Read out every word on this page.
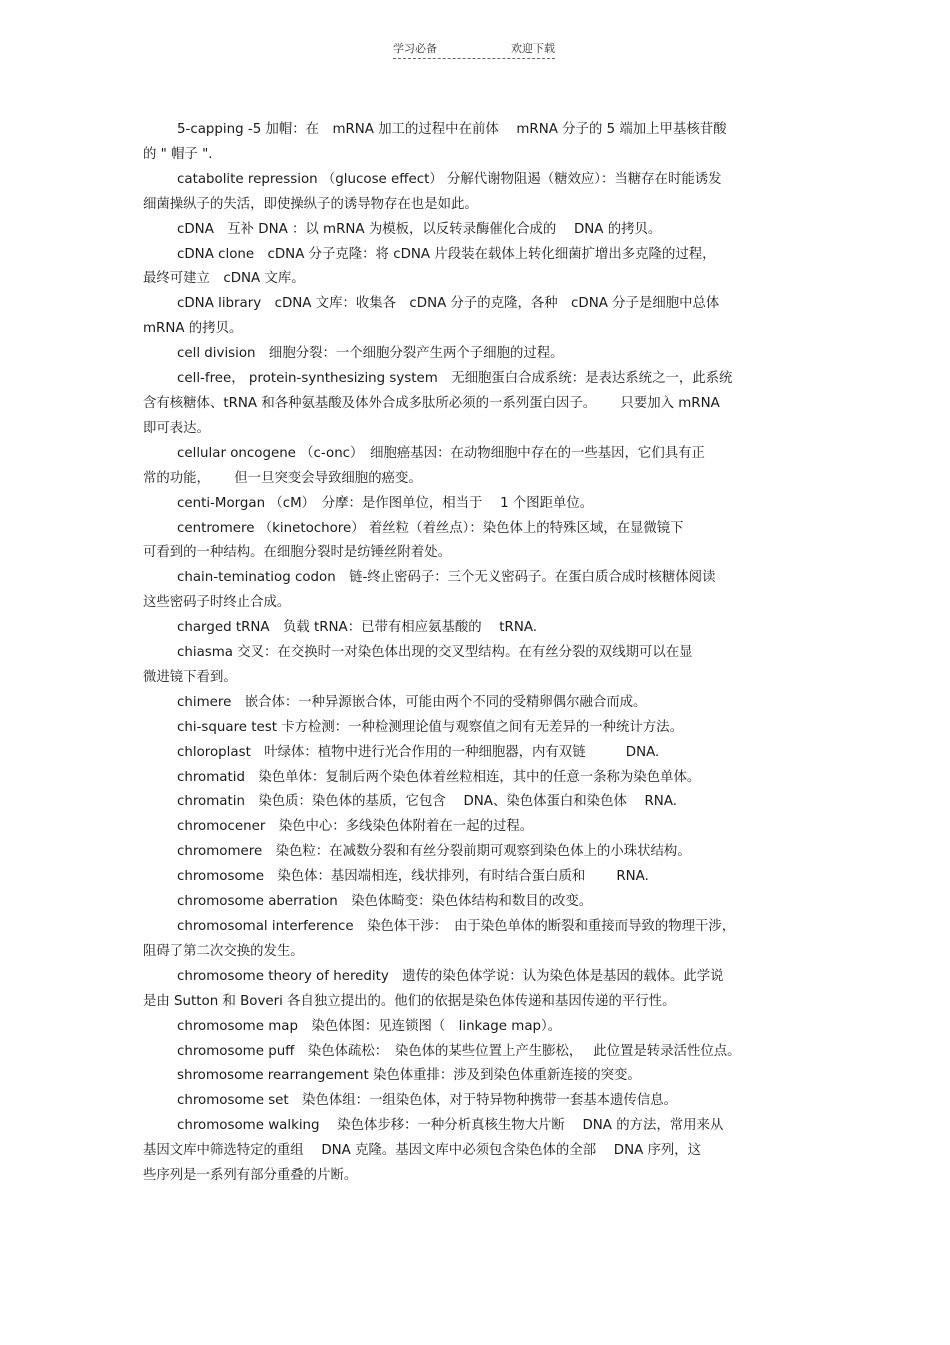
学习必备	欢迎下载
5-capping -5 加帽：在　mRNA 加工的过程中在前体　 mRNA 分子的 5 端加上甲基核苷酸
的 " 帽子 ".
catabolite repression （glucose effect） 分解代谢物阻遏（糖效应）：当糖存在时能诱发
细菌操纵子的失活，即使操纵子的诱导物存在也是如此。
cDNA　互补 DNA ：以 mRNA 为模板，以反转录酶催化合成的　 DNA 的拷贝。
cDNA clone　cDNA 分子克隆：将 cDNA 片段装在载体上转化细菌扩增出多克隆的过程，
最终可建立　cDNA 文库。
cDNA library　cDNA 文库：收集各　cDNA 分子的克隆，各种　cDNA 分子是细胞中总体
mRNA 的拷贝。
cell division　细胞分裂：一个细胞分裂产生两个子细胞的过程。
cell-free， protein-synthesizing system　无细胞蛋白合成系统：是表达系统之一，此系统
含有核糖体、tRNA 和各种氨基酸及体外合成多肽所必须的一系列蛋白因子。　　 只要加入 mRNA
即可表达。
cellular oncogene （c-onc）　细胞癌基因：在动物细胞中存在的一些基因，它们具有正
常的功能，　　 但一旦突变会导致细胞的癌变。
centi-Morgan （cM）　分摩：是作图单位，相当于　 1 个图距单位。
centromere （kinetochore） 着丝粒（着丝点）：染色体上的特殊区域，在显微镜下
可看到的一种结构。在细胞分裂时是纺锤丝附着处。
chain-teminatiog codon　链-终止密码子：三个无义密码子。在蛋白质合成时核糖体阅读
这些密码子时终止合成。
charged tRNA　负载 tRNA：已带有相应氨基酸的　 tRNA.
chiasma 交叉：在交换时一对染色体出现的交叉型结构。在有丝分裂的双线期可以在显
微进镜下看到。
chimere　嵌合体：一种异源嵌合体，可能由两个不同的受精卵偶尔融合而成。
chi-square test 卡方检测：一种检测理论值与观察值之间有无差异的一种统计方法。
chloroplast　叶绿体：植物中进行光合作用的一种细胞器，内有双链　　　DNA.
chromatid　染色单体：复制后两个染色体着丝粒相连，其中的任意一条称为染色单体。
chromatin　染色质：染色体的基质，它包含　 DNA、染色体蛋白和染色体　 RNA.
chromocener　染色中心：多线染色体附着在一起的过程。
chromomere　染色粒：在减数分裂和有丝分裂前期可观察到染色体上的小珠状结构。
chromosome　染色体：基因端相连，线状排列，有时结合蛋白质和　　 RNA.
chromosome aberration　染色体畸变：染色体结构和数目的改变。
chromosomal interference　染色体干涉：　由于染色单体的断裂和重接而导致的物理干涉，
阻碍了第二次交换的发生。
chromosome theory of heredity　遗传的染色体学说：认为染色体是基因的载体。此学说
是由 Sutton 和 Boveri 各自独立提出的。他们的依据是染色体传递和基因传递的平行性。
chromosome map　染色体图：见连锁图（　linkage map）。
chromosome puff　染色体疏松：　染色体的某些位置上产生膨松，　 此位置是转录活性位点。
shromosome rearrangement 染色体重排：涉及到染色体重新连接的突变。
chromosome set　染色体组：一组染色体，对于特异物种携带一套基本遗传信息。
chromosome walking　 染色体步移：一种分析真核生物大片断　 DNA 的方法，常用来从
基因文库中筛选特定的重组　 DNA 克隆。基因文库中必须包含染色体的全部　 DNA 序列，这
些序列是一系列有部分重叠的片断。
